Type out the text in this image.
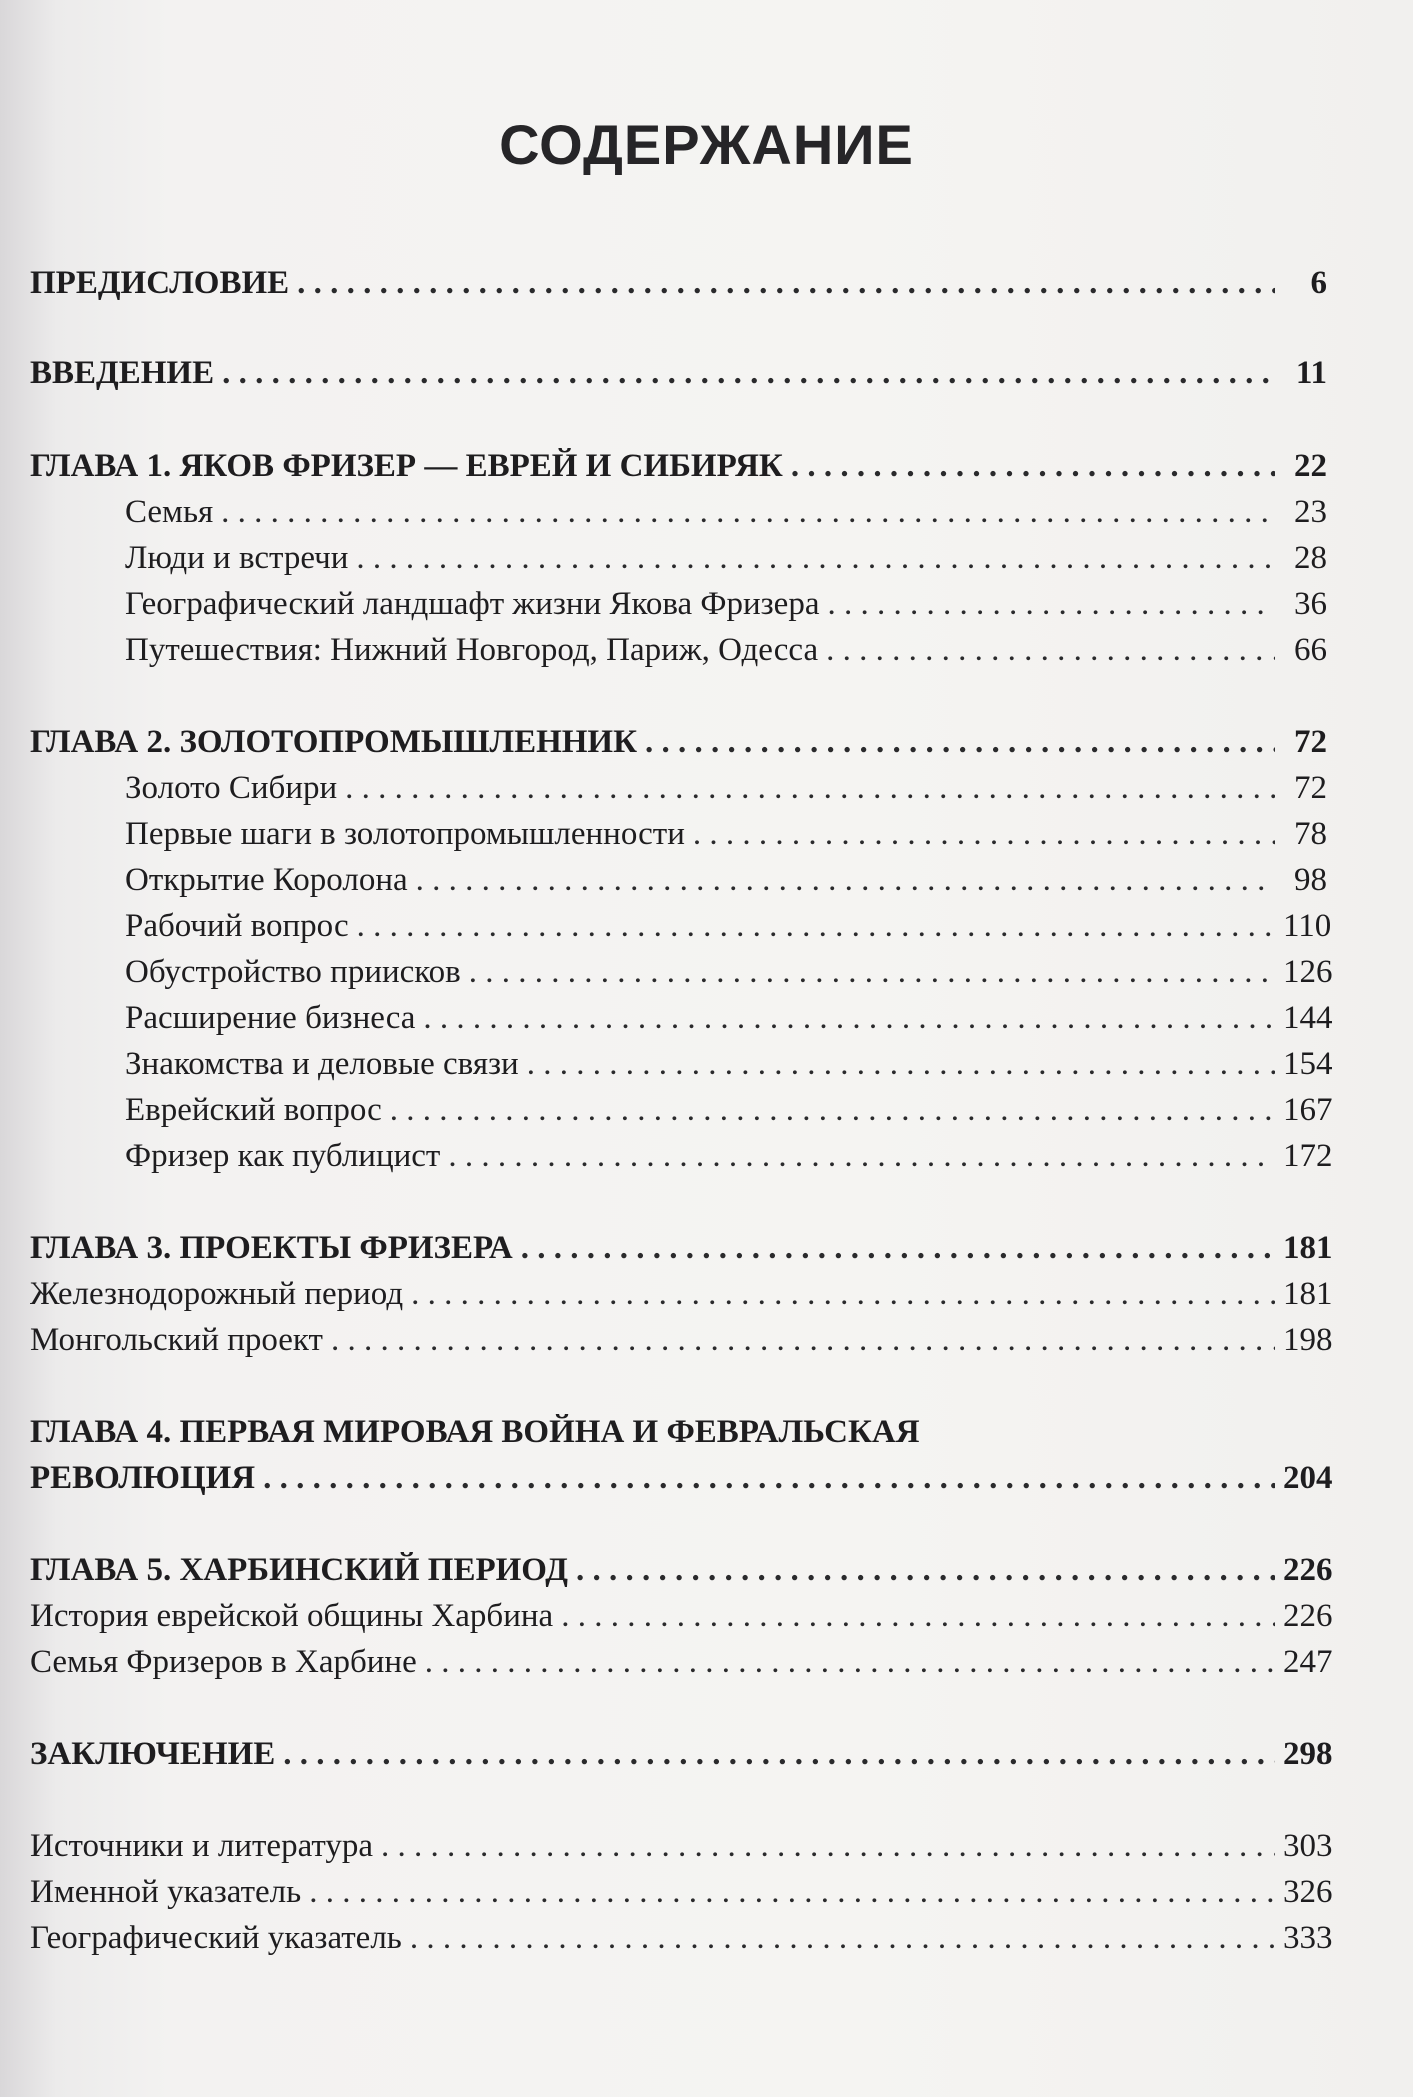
СОДЕРЖАНИЕ
ПРЕДИСЛОВИЕ . . .	6
ВВЕДЕНИЕ . . .	11
ГЛАВА 1. ЯКОВ ФРИЗЕР — ЕВРЕЙ И СИБИРЯК . . .	22
Семья . . .	23
Люди и встречи . . .	28
Географический ландшафт жизни Якова Фризера . . .	36
Путешествия: Нижний Новгород, Париж, Одесса . . .	66
ГЛАВА 2. ЗОЛОТОПРОМЫШЛЕННИК . . .	72
Золото Сибири . . .	72
Первые шаги в золотопромышленности . . .	78
Открытие Королона . . .	98
Рабочий вопрос . . .	110
Обустройство приисков . . .	126
Расширение бизнеса . . .	144
Знакомства и деловые связи . . .	154
Еврейский вопрос . . .	167
Фризер как публицист . . .	172
ГЛАВА 3. ПРОЕКТЫ ФРИЗЕРА . . .	181
Железнодорожный период . . .	181
Монгольский проект . . .	198
ГЛАВА 4. ПЕРВАЯ МИРОВАЯ ВОЙНА И ФЕВРАЛЬСКАЯ
РЕВОЛЮЦИЯ . . .	204
ГЛАВА 5. ХАРБИНСКИЙ ПЕРИОД . . .	226
История еврейской общины Харбина . . .	226
Семья Фризеров в Харбине . . .	247
ЗАКЛЮЧЕНИЕ . . .	298
Источники и литература . . .	303
Именной указатель . . .	326
Географический указатель . . .	333
